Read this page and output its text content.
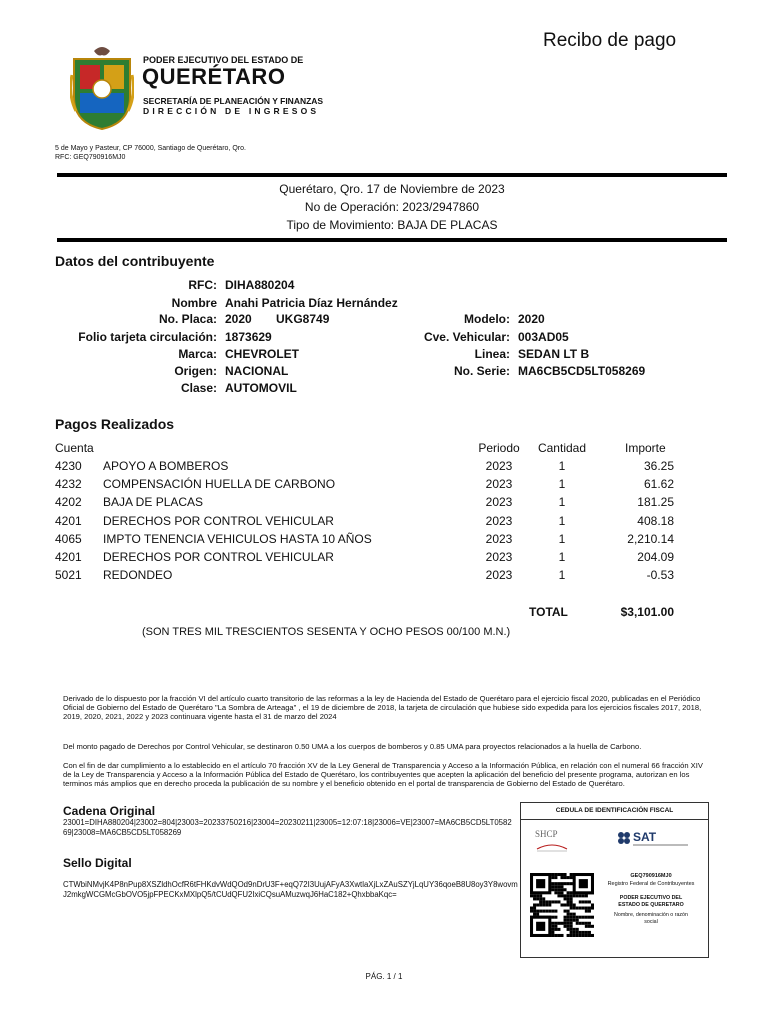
Recibo de pago
PODER EJECUTIVO DEL ESTADO DE
QUERÉTARO
SECRETARÍA DE PLANEACIÓN Y FINANZAS
DIRECCIÓN DE INGRESOS
5 de Mayo y Pasteur, CP 76000, Santiago de Querétaro, Qro.
RFC: GEQ790916MJ0
Querétaro, Qro. 17 de Noviembre de 2023
No de Operación: 2023/2947860
Tipo de Movimiento: BAJA DE PLACAS
Datos del contribuyente
RFC: DIHA880204
Nombre Anahi Patricia Díaz Hernández
No. Placa: 2020 UKG8749	Modelo: 2020
Folio tarjeta circulación: 1873629	Cve. Vehicular: 003AD05
Marca: CHEVROLET	Linea: SEDAN LT B
Origen: NACIONAL	No. Serie: MA6CB5CD5LT058269
Clase: AUTOMOVIL
Pagos Realizados
Cuenta	Periodo	Cantidad	Importe
4230 APOYO A BOMBEROS	2023	1	36.25
4232 COMPENSACIÓN HUELLA DE CARBONO	2023	1	61.62
4202 BAJA DE PLACAS	2023	1	181.25
4201 DERECHOS POR CONTROL VEHICULAR	2023	1	408.18
4065 IMPTO TENENCIA VEHICULOS HASTA 10 AÑOS	2023	1	2,210.14
4201 DERECHOS POR CONTROL VEHICULAR	2023	1	204.09
5021 REDONDEO	2023	1	-0.53
TOTAL	$3,101.00
(SON TRES MIL TRESCIENTOS SESENTA Y OCHO PESOS 00/100 M.N.)
Derivado de lo dispuesto por la fracción VI del artículo cuarto transitorio de las reformas a la ley de Hacienda del Estado de Querétaro para el ejercicio fiscal 2020, publicadas en el Periódico Oficial de Gobierno del Estado de Querétaro "La Sombra de Arteaga" , el 19 de diciembre de 2018, la tarjeta de circulación que hubiese sido expedida para los ejercicios fiscales 2017, 2018, 2019, 2020, 2021, 2022 y 2023 continuara vigente hasta el 31 de marzo del 2024
Del monto pagado de Derechos por Control Vehicular, se destinaron 0.50 UMA a los cuerpos de bomberos y 0.85 UMA para proyectos relacionados a la huella de Carbono.
Con el fin de dar cumplimiento a lo establecido en el artículo 70 fracción XV de la Ley General de Transparencia y Acceso a la Información Pública, en relación con el numeral 66 fracción XIV de la Ley de Transparencia y Acceso a la Información Pública del Estado de Querétaro, los contribuyentes que acepten la aplicación del beneficio del presente programa, autorizan en los terminos más amplios que en derecho proceda la publicación de su nombre y el beneficio obtenido en el portal de transparencia de Gobierno del Estado de Querétaro.
Cadena Original
23001=DIHA880204|23002=804|23003=20233750216|23004=20230211|23005=12:07:18|23006=VE|23007=MA6CB5CD5LT058269|23008=MA6CB5CD5LT058269
Sello Digital
CTWbiNMvjK4P8nPup8XSZldhOcfR6tFHKdvWdQOd9nDrU3F+eqQ72I3UujAFyA3XwtlaXjLxZAuSZYjLqUY36qoeB8U8oy3Y8wovmJ2mkgWCGMcGbOVO5jpFPECKxMXlpQ5/tCUdQFU2IxiCQsuAMuzwqJ6HaC182+QhxbbaKqc=
CEDULA DE IDENTIFICACIÓN FISCAL
SHCP	SAT
GEQ790916MJ0
Registro Federal de Contribuyentes
PODER EJECUTIVO DEL ESTADO DE QUERETARO
Nombre, denominación o razón social
PÁG. 1 / 1
